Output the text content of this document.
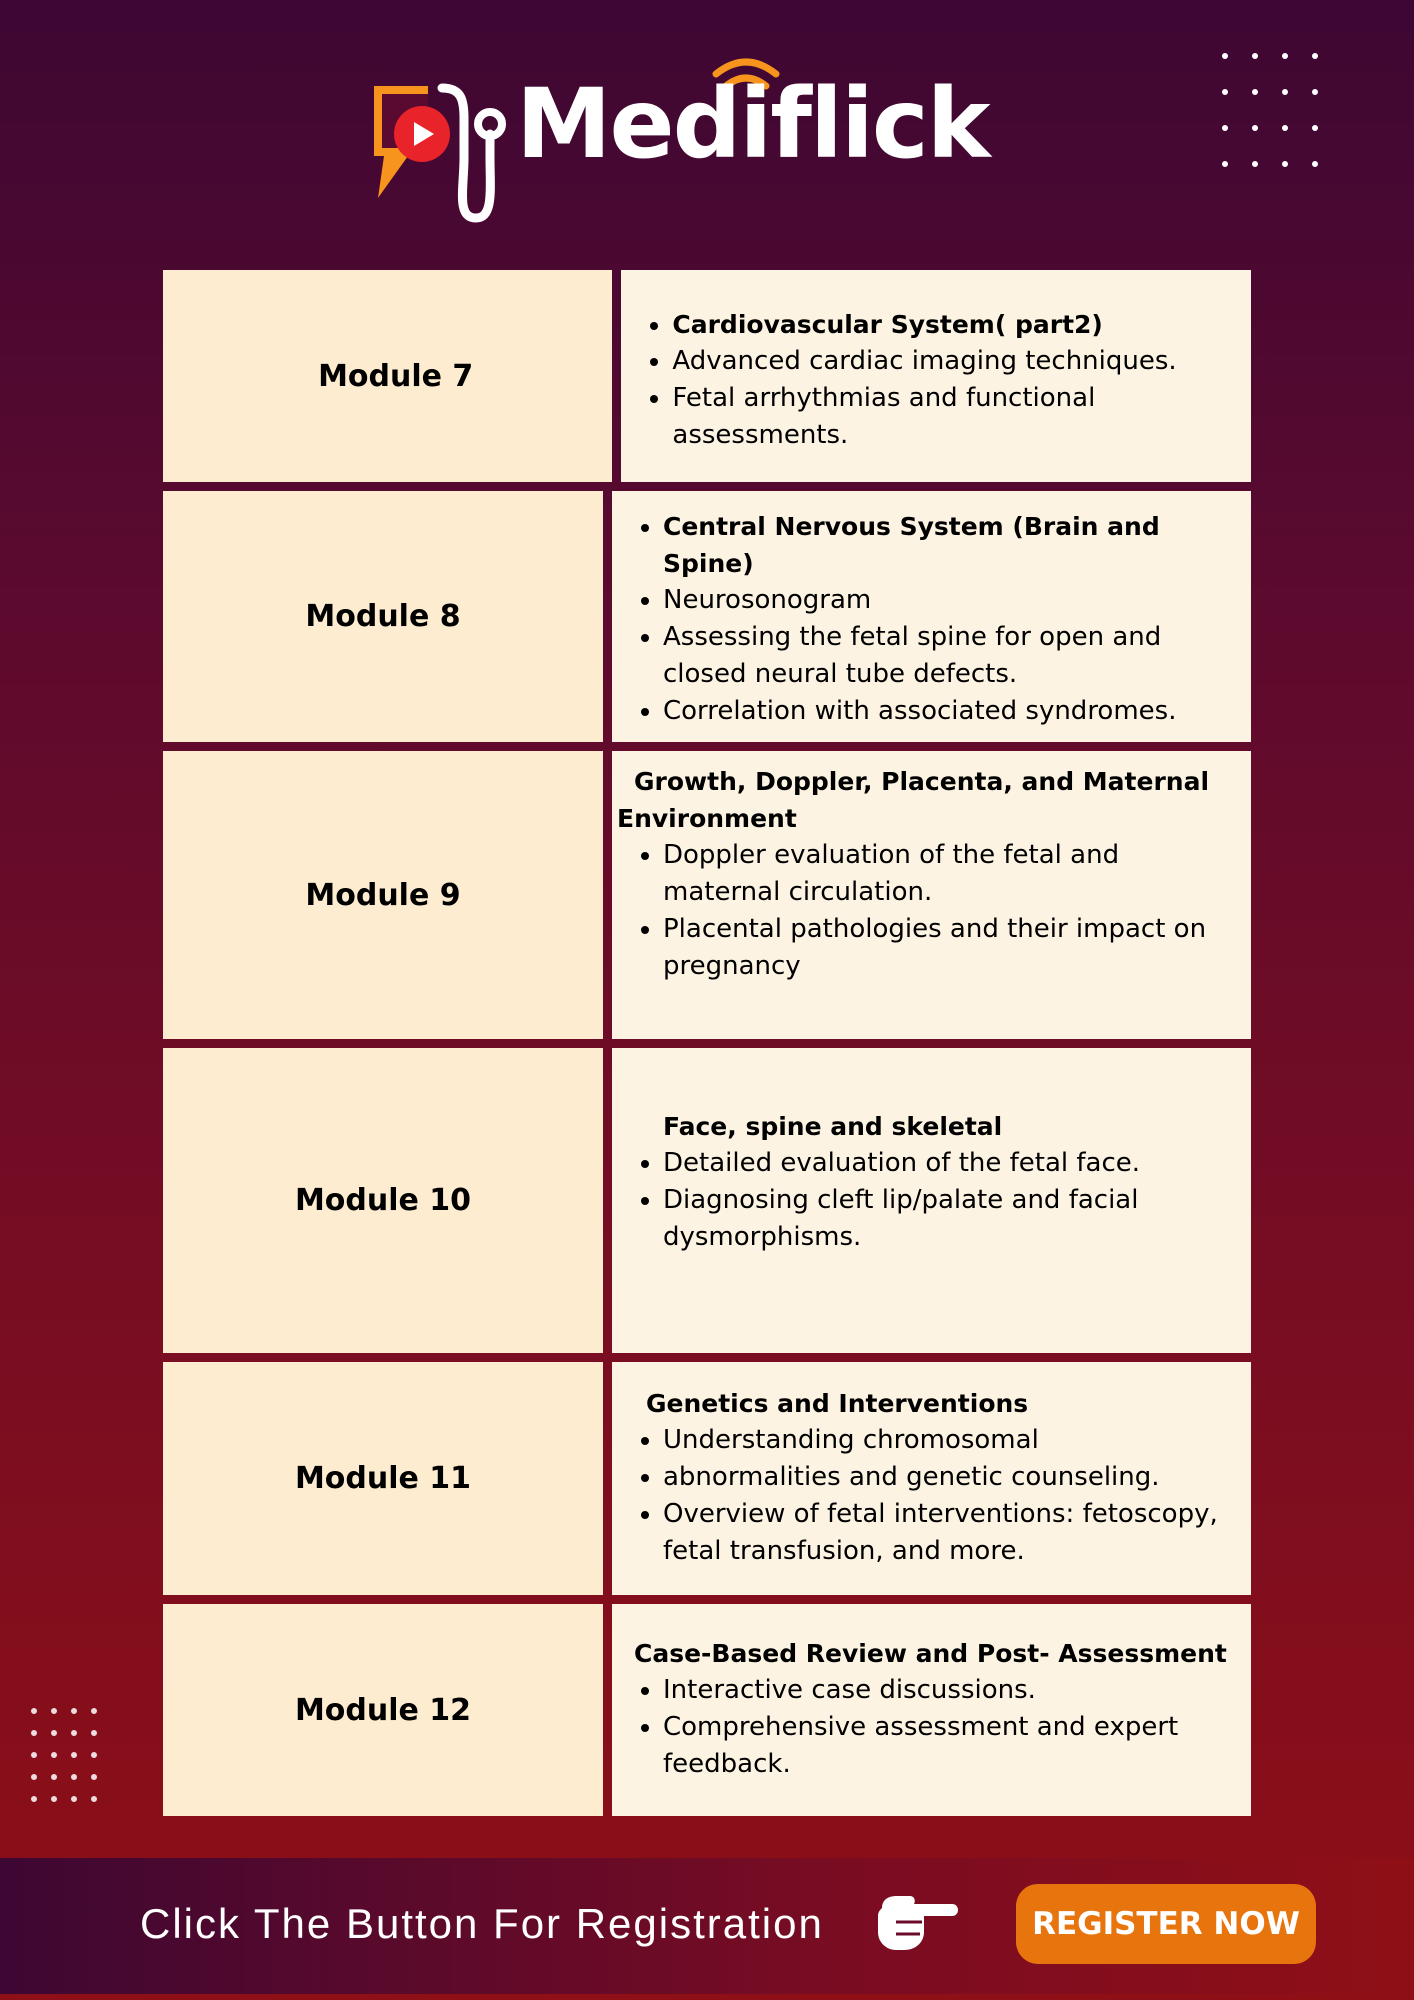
Mediflick
Module 7
• Cardiovascular System( part2)
• Advanced cardiac imaging techniques.
• Fetal arrhythmias and functional assessments.
Module 8
• Central Nervous System (Brain and Spine)
• Neurosonogram
• Assessing the fetal spine for open and closed neural tube defects.
• Correlation with associated syndromes.
Module 9
Growth, Doppler, Placenta, and Maternal Environment
• Doppler evaluation of the fetal and maternal circulation.
• Placental pathologies and their impact on pregnancy
Module 10
Face, spine and skeletal
• Detailed evaluation of the fetal face.
• Diagnosing cleft lip/palate and facial dysmorphisms.
Module 11
Genetics and Interventions
• Understanding chromosomal
• abnormalities and genetic counseling.
• Overview of fetal interventions: fetoscopy, fetal transfusion, and more.
Module 12
Case-Based Review and Post- Assessment
• Interactive case discussions.
• Comprehensive assessment and expert feedback.
Click The Button For Registration	REGISTER NOW
